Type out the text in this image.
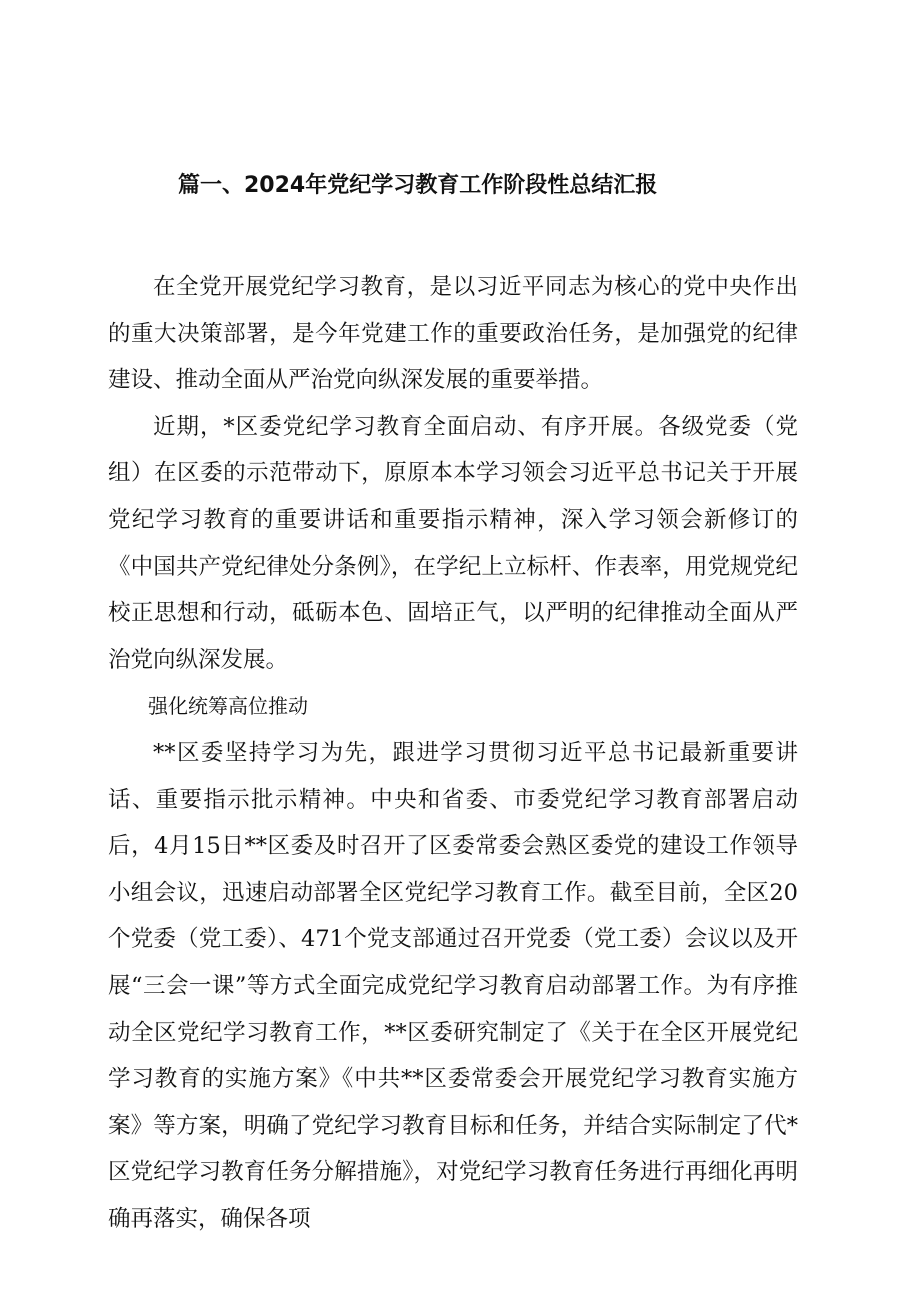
篇一、2024年党纪学习教育工作阶段性总结汇报

在全党开展党纪学习教育，是以习近平同志为核心的党中央作出的重大决策部署，是今年党建工作的重要政治任务，是加强党的纪律建设、推动全面从严治党向纵深发展的重要举措。

近期，*区委党纪学习教育全面启动、有序开展。各级党委（党组）在区委的示范带动下，原原本本学习领会习近平总书记关于开展党纪学习教育的重要讲话和重要指示精神，深入学习领会新修订的《中国共产党纪律处分条例》，在学纪上立标杆、作表率，用党规党纪校正思想和行动，砥砺本色、固培正气，以严明的纪律推动全面从严治党向纵深发展。

强化统筹高位推动

**区委坚持学习为先，跟进学习贯彻习近平总书记最新重要讲话、重要指示批示精神。中央和省委、市委党纪学习教育部署启动后，4月15日**区委及时召开了区委常委会熟区委党的建设工作领导小组会议，迅速启动部署全区党纪学习教育工作。截至目前，全区20个党委（党工委）、471个党支部通过召开党委（党工委）会议以及开展“三会一课”等方式全面完成党纪学习教育启动部署工作。为有序推动全区党纪学习教育工作，**区委研究制定了《关于在全区开展党纪学习教育的实施方案》《中共**区委常委会开展党纪学习教育实施方案》等方案，明确了党纪学习教育目标和任务，并结合实际制定了代*区党纪学习教育任务分解措施》，对党纪学习教育任务进行再细化再明确再落实，确保各项
